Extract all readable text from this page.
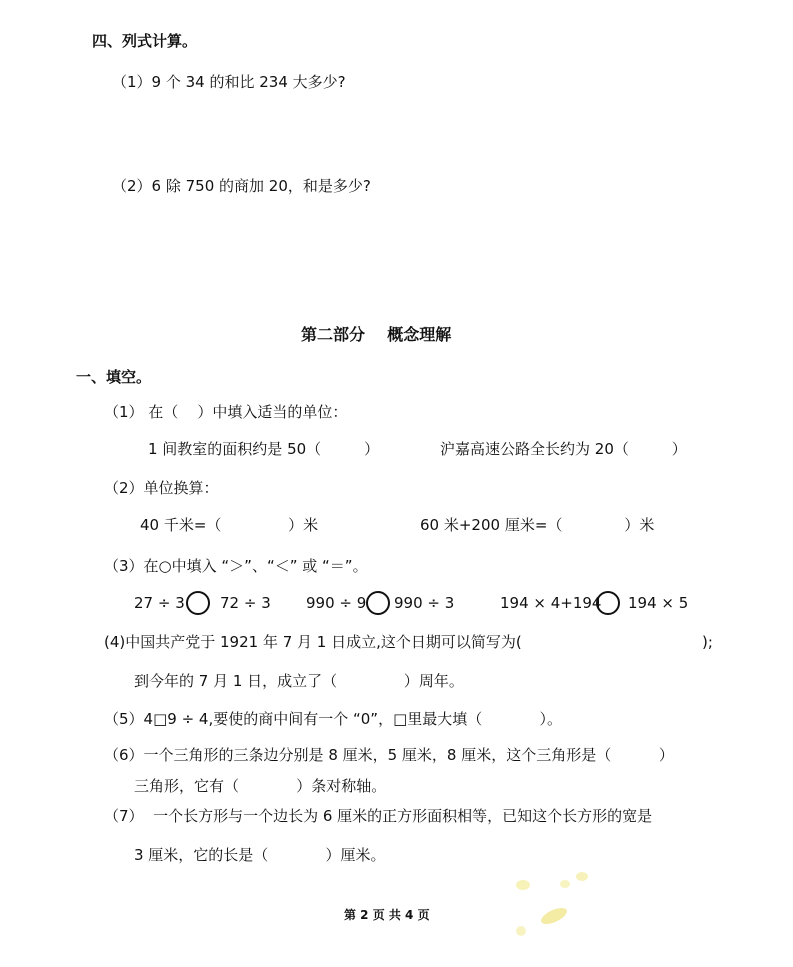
四、列式计算。
（1）9 个 34 的和比 234 大多少?
（2）6 除 750 的商加 20，和是多少?
第二部分    概念理解
一、填空。
（1） 在（    ）中填入适当的单位：
1 间教室的面积约是 50（         ）	沪嘉高速公路全长约为 20（         ）
（2）单位换算：
40 千米=（              ）米	60 米+200 厘米=（             ）米
（3）在○中填入 “＞”、“＜” 或 “＝”。
27 ÷ 3 72 ÷ 3 990 ÷ 9 990 ÷ 3	194 × 4+194 194 × 5
(4)中国共产党于 1921 年 7 月 1 日成立,这个日期可以简写为(	);
到今年的 7 月 1 日，成立了（              ）周年。
（5）4□9 ÷ 4,要使的商中间有一个 “0”，□里最大填（            ）。
（6）一个三角形的三条边分别是 8 厘米，5 厘米，8 厘米，这个三角形是（          ）
三角形，它有（            ）条对称轴。
（7）  一个长方形与一个边长为 6 厘米的正方形面积相等，已知这个长方形的宽是
3 厘米，它的长是（            ）厘米。
第 2 页 共 4 页
